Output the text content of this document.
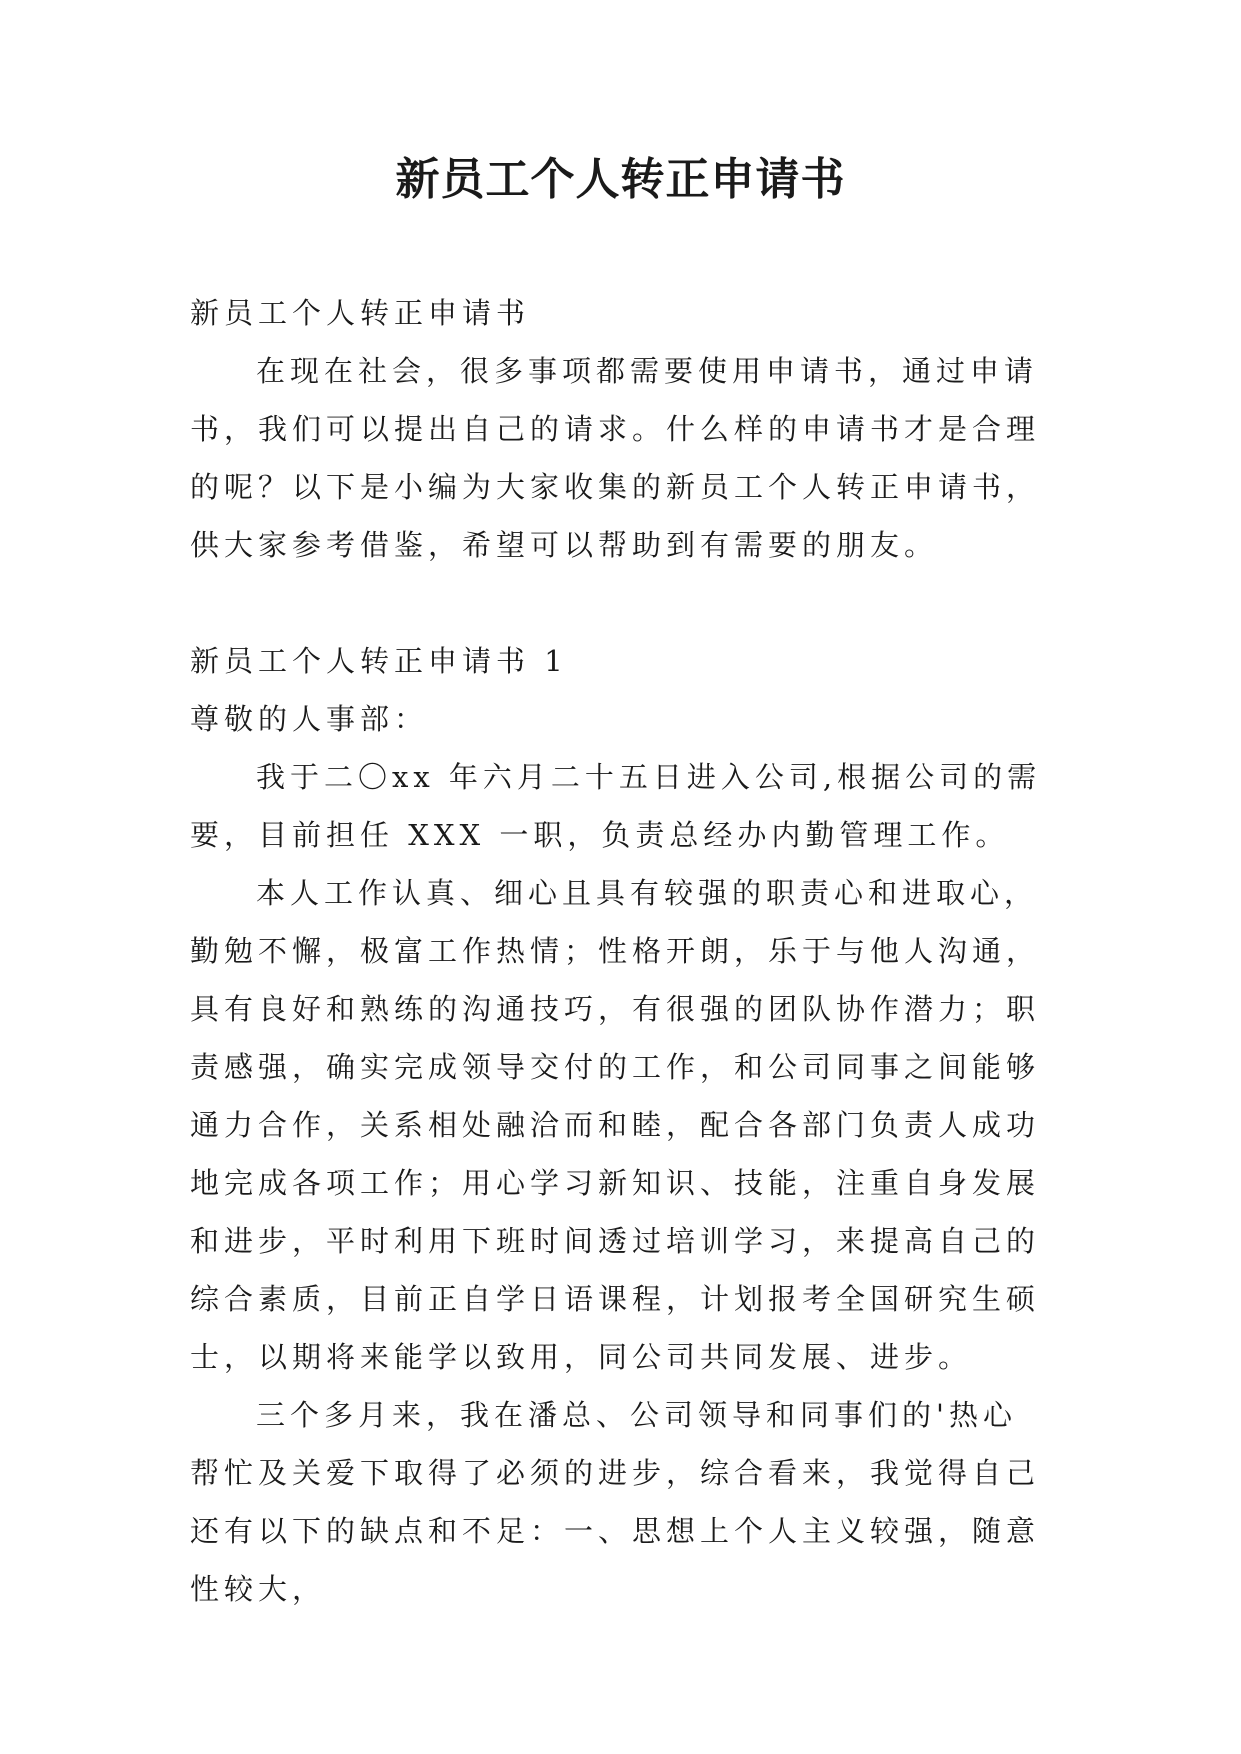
新员工个人转正申请书

新员工个人转正申请书

在现在社会，很多事项都需要使用申请书，通过申请书，我们可以提出自己的请求。什么样的申请书才是合理的呢？以下是小编为大家收集的新员工个人转正申请书，供大家参考借鉴，希望可以帮助到有需要的朋友。

新员工个人转正申请书 1

尊敬的人事部：

我于二〇xx 年六月二十五日进入公司,根据公司的需要，目前担任 XXX 一职，负责总经办内勤管理工作。

本人工作认真、细心且具有较强的职责心和进取心，勤勉不懈，极富工作热情；性格开朗，乐于与他人沟通，具有良好和熟练的沟通技巧，有很强的团队协作潜力；职责感强，确实完成领导交付的工作，和公司同事之间能够通力合作，关系相处融洽而和睦，配合各部门负责人成功地完成各项工作；用心学习新知识、技能，注重自身发展和进步，平时利用下班时间透过培训学习，来提高自己的综合素质，目前正自学日语课程，计划报考全国研究生硕士，以期将来能学以致用，同公司共同发展、进步。

三个多月来，我在潘总、公司领导和同事们的'热心帮忙及关爱下取得了必须的进步，综合看来，我觉得自己还有以下的缺点和不足：一、思想上个人主义较强，随意性较大，
